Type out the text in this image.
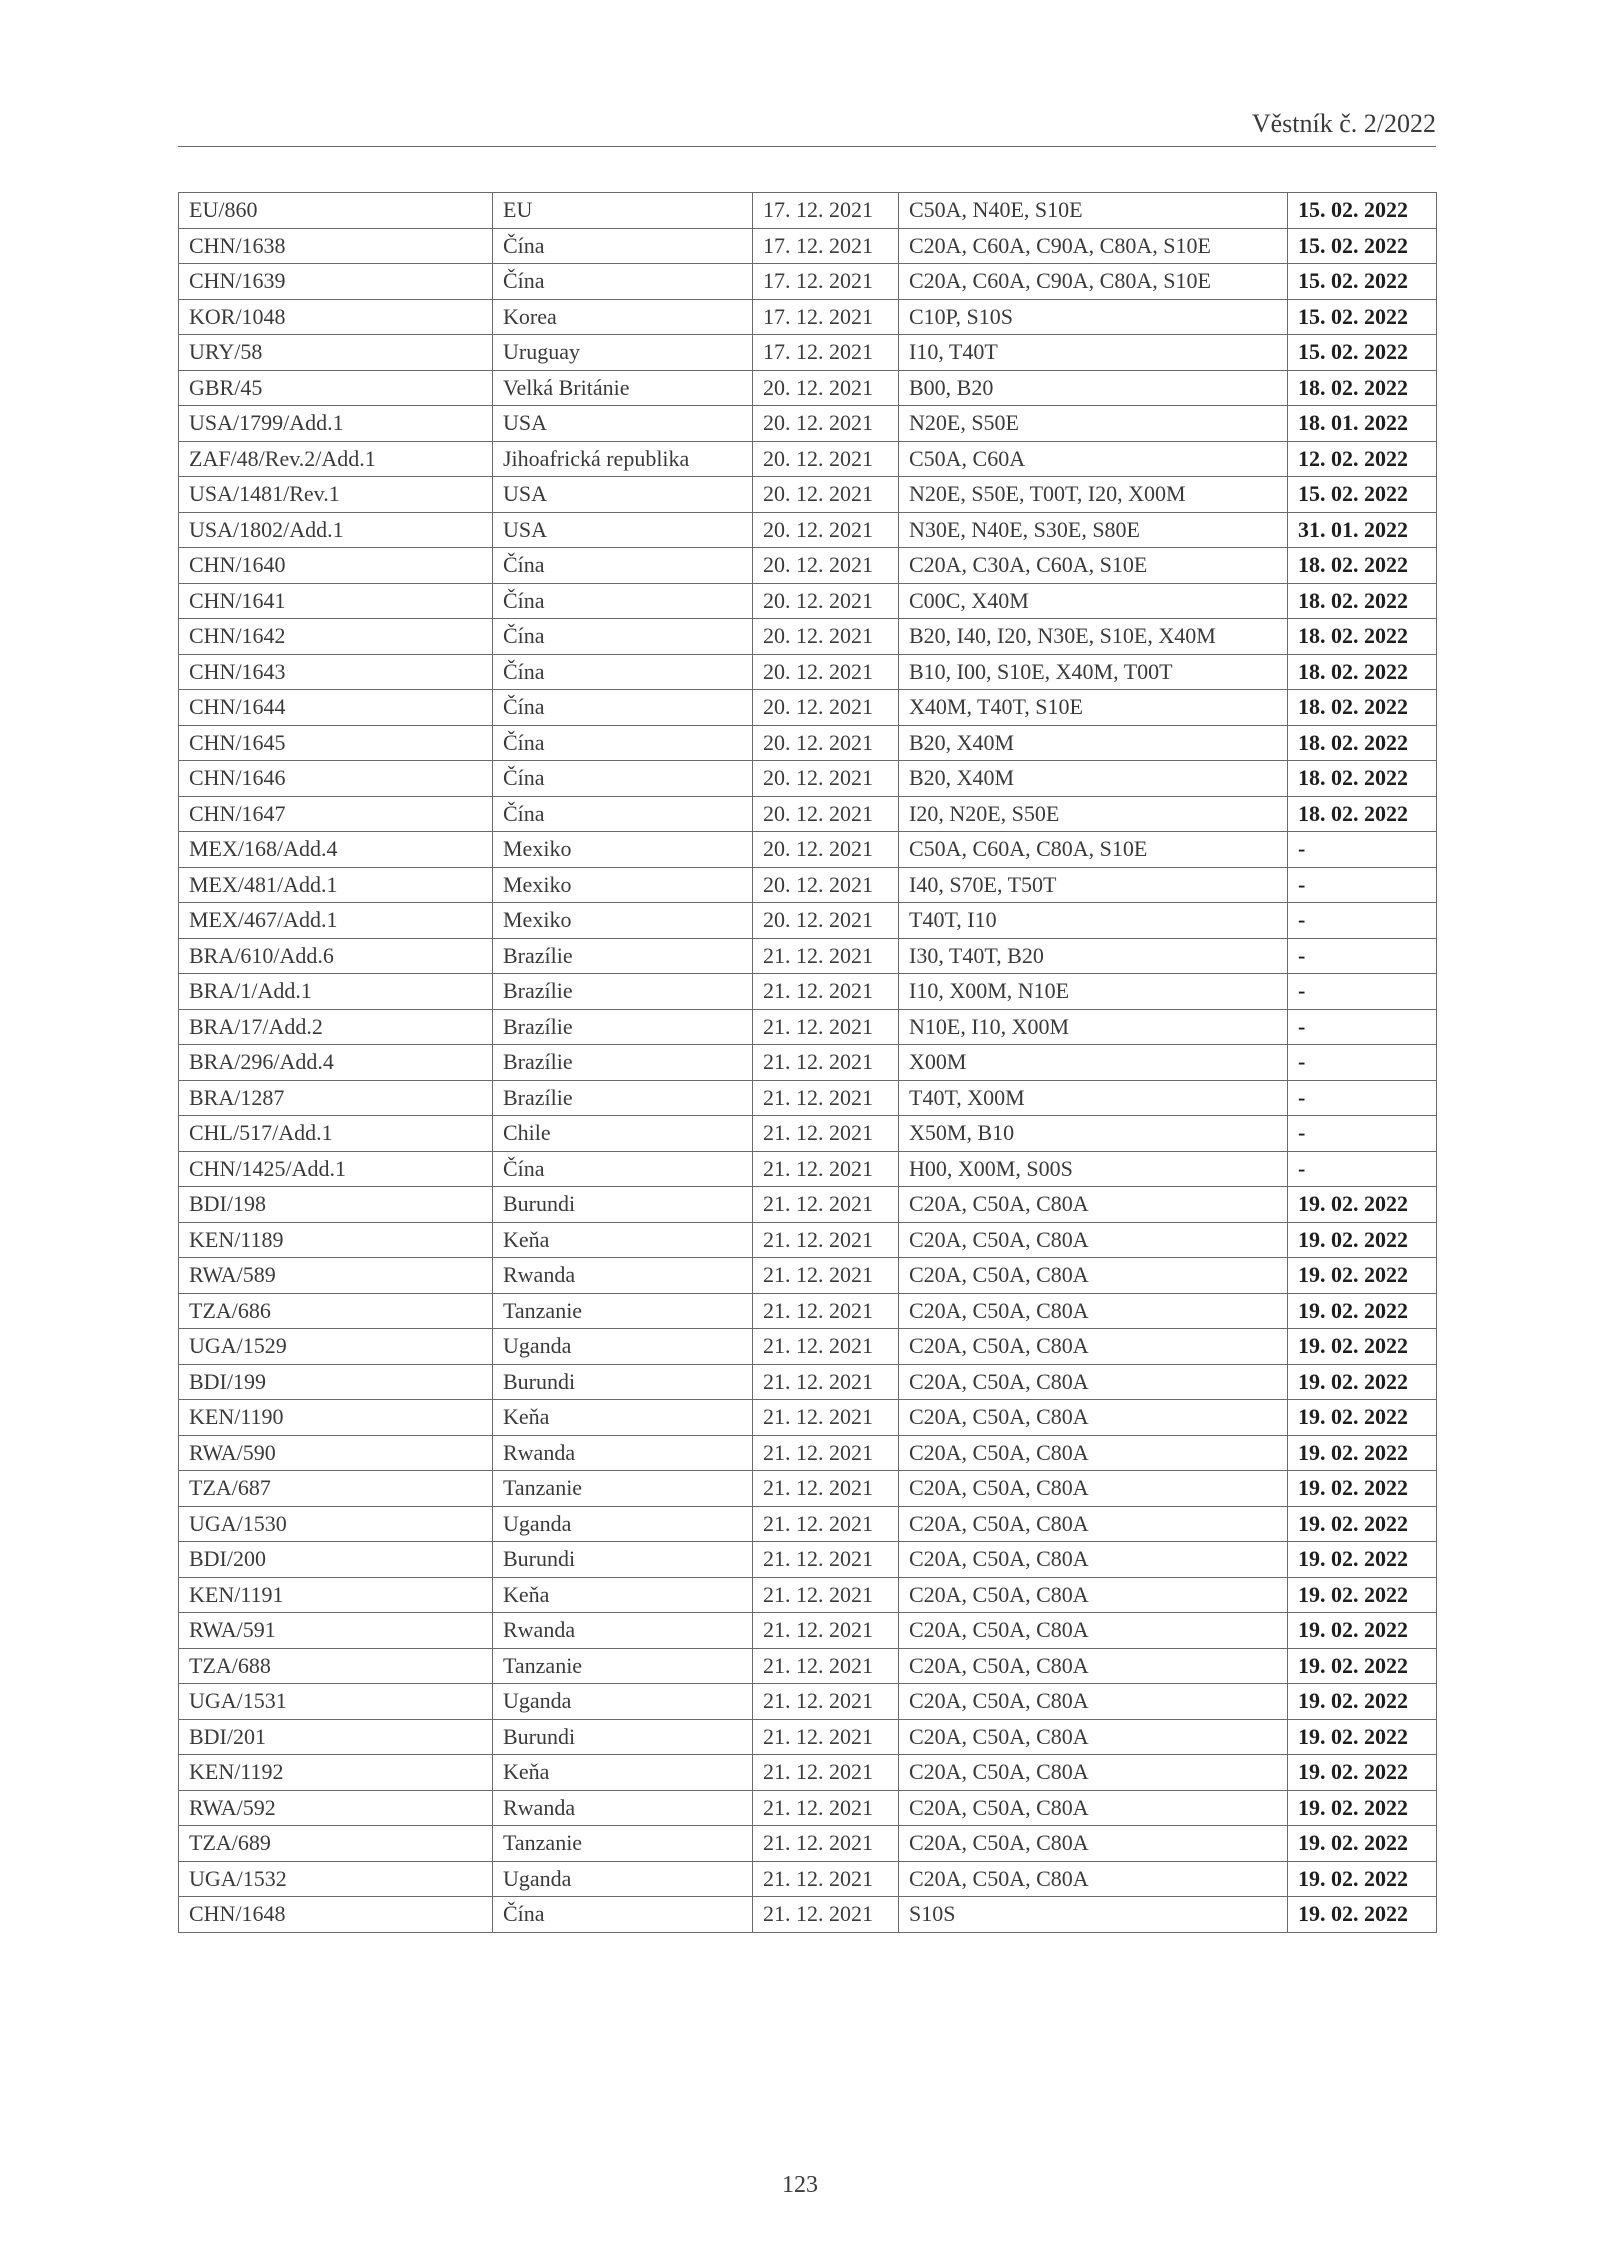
Věstník č. 2/2022
EU/860	EU	17. 12. 2021	C50A, N40E, S10E	15. 02. 2022
CHN/1638	Čína	17. 12. 2021	C20A, C60A, C90A, C80A, S10E	15. 02. 2022
CHN/1639	Čína	17. 12. 2021	C20A, C60A, C90A, C80A, S10E	15. 02. 2022
KOR/1048	Korea	17. 12. 2021	C10P, S10S	15. 02. 2022
URY/58	Uruguay	17. 12. 2021	I10, T40T	15. 02. 2022
GBR/45	Velká Británie	20. 12. 2021	B00, B20	18. 02. 2022
USA/1799/Add.1	USA	20. 12. 2021	N20E, S50E	18. 01. 2022
ZAF/48/Rev.2/Add.1	Jihoafrická republika	20. 12. 2021	C50A, C60A	12. 02. 2022
USA/1481/Rev.1	USA	20. 12. 2021	N20E, S50E, T00T, I20, X00M	15. 02. 2022
USA/1802/Add.1	USA	20. 12. 2021	N30E, N40E, S30E, S80E	31. 01. 2022
CHN/1640	Čína	20. 12. 2021	C20A, C30A, C60A, S10E	18. 02. 2022
CHN/1641	Čína	20. 12. 2021	C00C, X40M	18. 02. 2022
CHN/1642	Čína	20. 12. 2021	B20, I40, I20, N30E, S10E, X40M	18. 02. 2022
CHN/1643	Čína	20. 12. 2021	B10, I00, S10E, X40M, T00T	18. 02. 2022
CHN/1644	Čína	20. 12. 2021	X40M, T40T, S10E	18. 02. 2022
CHN/1645	Čína	20. 12. 2021	B20, X40M	18. 02. 2022
CHN/1646	Čína	20. 12. 2021	B20, X40M	18. 02. 2022
CHN/1647	Čína	20. 12. 2021	I20, N20E, S50E	18. 02. 2022
MEX/168/Add.4	Mexiko	20. 12. 2021	C50A, C60A, C80A, S10E	-
MEX/481/Add.1	Mexiko	20. 12. 2021	I40, S70E, T50T	-
MEX/467/Add.1	Mexiko	20. 12. 2021	T40T, I10	-
BRA/610/Add.6	Brazílie	21. 12. 2021	I30, T40T, B20	-
BRA/1/Add.1	Brazílie	21. 12. 2021	I10, X00M, N10E	-
BRA/17/Add.2	Brazílie	21. 12. 2021	N10E, I10, X00M	-
BRA/296/Add.4	Brazílie	21. 12. 2021	X00M	-
BRA/1287	Brazílie	21. 12. 2021	T40T, X00M	-
CHL/517/Add.1	Chile	21. 12. 2021	X50M, B10	-
CHN/1425/Add.1	Čína	21. 12. 2021	H00, X00M, S00S	-
BDI/198	Burundi	21. 12. 2021	C20A, C50A, C80A	19. 02. 2022
KEN/1189	Keňa	21. 12. 2021	C20A, C50A, C80A	19. 02. 2022
RWA/589	Rwanda	21. 12. 2021	C20A, C50A, C80A	19. 02. 2022
TZA/686	Tanzanie	21. 12. 2021	C20A, C50A, C80A	19. 02. 2022
UGA/1529	Uganda	21. 12. 2021	C20A, C50A, C80A	19. 02. 2022
BDI/199	Burundi	21. 12. 2021	C20A, C50A, C80A	19. 02. 2022
KEN/1190	Keňa	21. 12. 2021	C20A, C50A, C80A	19. 02. 2022
RWA/590	Rwanda	21. 12. 2021	C20A, C50A, C80A	19. 02. 2022
TZA/687	Tanzanie	21. 12. 2021	C20A, C50A, C80A	19. 02. 2022
UGA/1530	Uganda	21. 12. 2021	C20A, C50A, C80A	19. 02. 2022
BDI/200	Burundi	21. 12. 2021	C20A, C50A, C80A	19. 02. 2022
KEN/1191	Keňa	21. 12. 2021	C20A, C50A, C80A	19. 02. 2022
RWA/591	Rwanda	21. 12. 2021	C20A, C50A, C80A	19. 02. 2022
TZA/688	Tanzanie	21. 12. 2021	C20A, C50A, C80A	19. 02. 2022
UGA/1531	Uganda	21. 12. 2021	C20A, C50A, C80A	19. 02. 2022
BDI/201	Burundi	21. 12. 2021	C20A, C50A, C80A	19. 02. 2022
KEN/1192	Keňa	21. 12. 2021	C20A, C50A, C80A	19. 02. 2022
RWA/592	Rwanda	21. 12. 2021	C20A, C50A, C80A	19. 02. 2022
TZA/689	Tanzanie	21. 12. 2021	C20A, C50A, C80A	19. 02. 2022
UGA/1532	Uganda	21. 12. 2021	C20A, C50A, C80A	19. 02. 2022
CHN/1648	Čína	21. 12. 2021	S10S	19. 02. 2022
123
